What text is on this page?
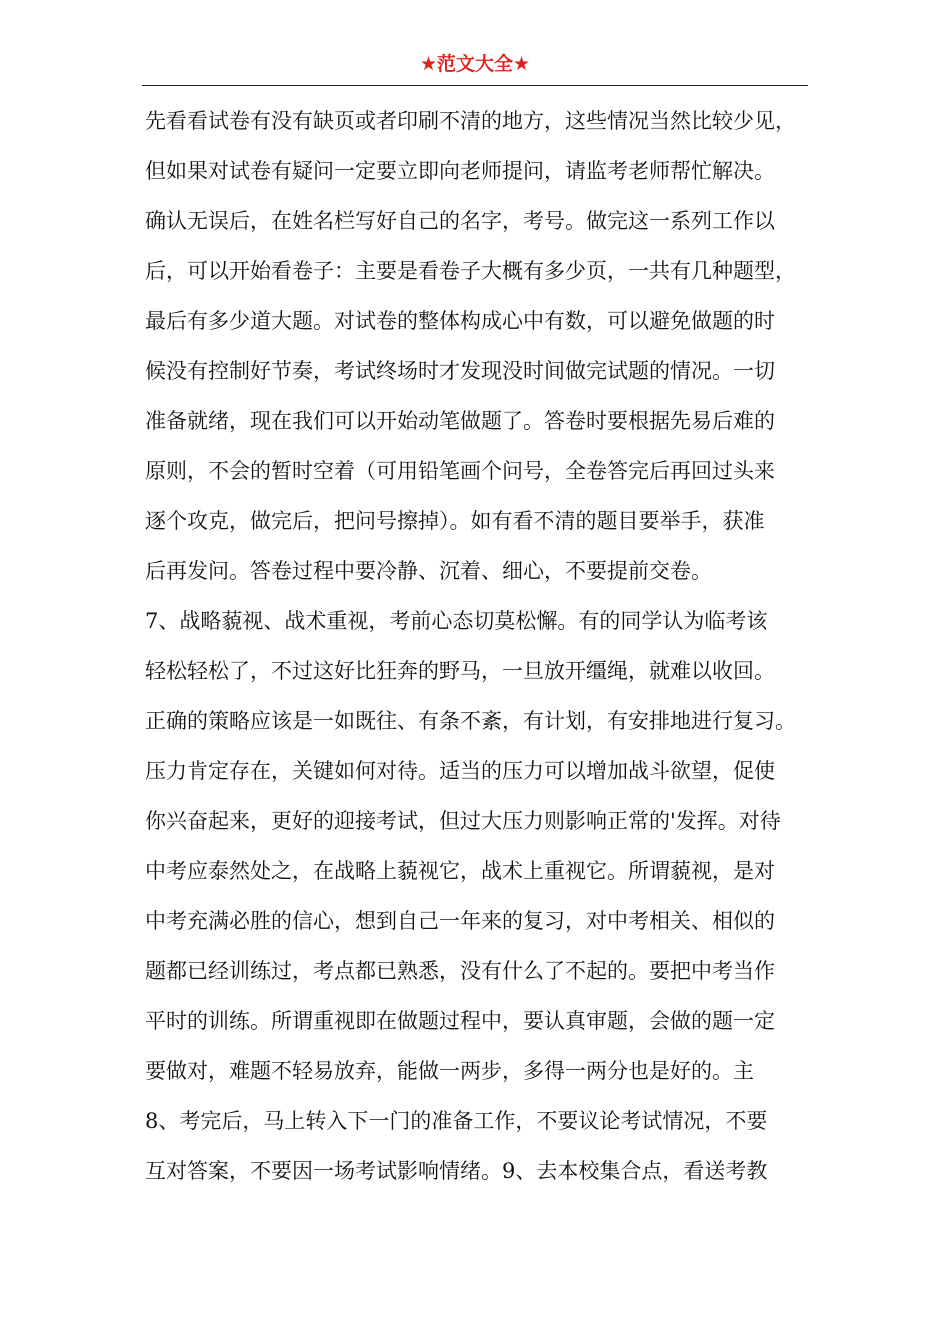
★范文大全★
先看看试卷有没有缺页或者印刷不清的地方，这些情况当然比较少见，
但如果对试卷有疑问一定要立即向老师提问，请监考老师帮忙解决。
确认无误后，在姓名栏写好自己的名字，考号。做完这一系列工作以
后，可以开始看卷子：主要是看卷子大概有多少页，一共有几种题型，
最后有多少道大题。对试卷的整体构成心中有数，可以避免做题的时
候没有控制好节奏，考试终场时才发现没时间做完试题的情况。一切
准备就绪，现在我们可以开始动笔做题了。答卷时要根据先易后难的
原则，不会的暂时空着（可用铅笔画个问号，全卷答完后再回过头来
逐个攻克，做完后，把问号擦掉）。如有看不清的题目要举手，获准
后再发问。答卷过程中要冷静、沉着、细心，不要提前交卷。
7、战略藐视、战术重视，考前心态切莫松懈。有的同学认为临考该
轻松轻松了，不过这好比狂奔的野马，一旦放开缰绳，就难以收回。
正确的策略应该是一如既往、有条不紊，有计划，有安排地进行复习。
压力肯定存在，关键如何对待。适当的压力可以增加战斗欲望，促使
你兴奋起来，更好的迎接考试，但过大压力则影响正常的'发挥。对待
中考应泰然处之，在战略上藐视它，战术上重视它。所谓藐视，是对
中考充满必胜的信心，想到自己一年来的复习，对中考相关、相似的
题都已经训练过，考点都已熟悉，没有什么了不起的。要把中考当作
平时的训练。所谓重视即在做题过程中，要认真审题，会做的题一定
要做对，难题不轻易放弃，能做一两步，多得一两分也是好的。主
8、考完后，马上转入下一门的准备工作，不要议论考试情况，不要
互对答案，不要因一场考试影响情绪。9、去本校集合点，看送考教
